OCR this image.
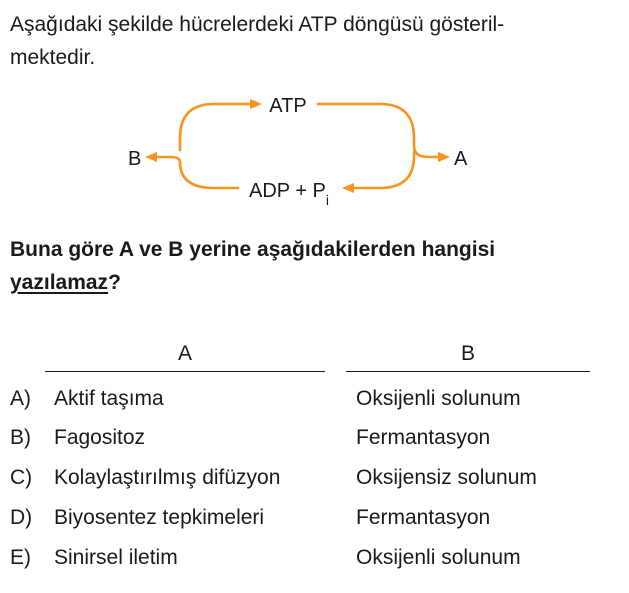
Aşağıdaki şekilde hücrelerdeki ATP döngüsü gösteril-
mektedir.

ATP
ADP + $P_i$
B	A

Buna göre A ve B yerine aşağıdakilerden hangisi
yazılamaz?

A	B
A) Aktif taşıma	Oksijenli solunum
B) Fagositoz	Fermantasyon
C) Kolaylaştırılmış difüzyon	Oksijensiz solunum
D) Biyosentez tepkimeleri	Fermantasyon
E) Sinirsel iletim	Oksijenli solunum
